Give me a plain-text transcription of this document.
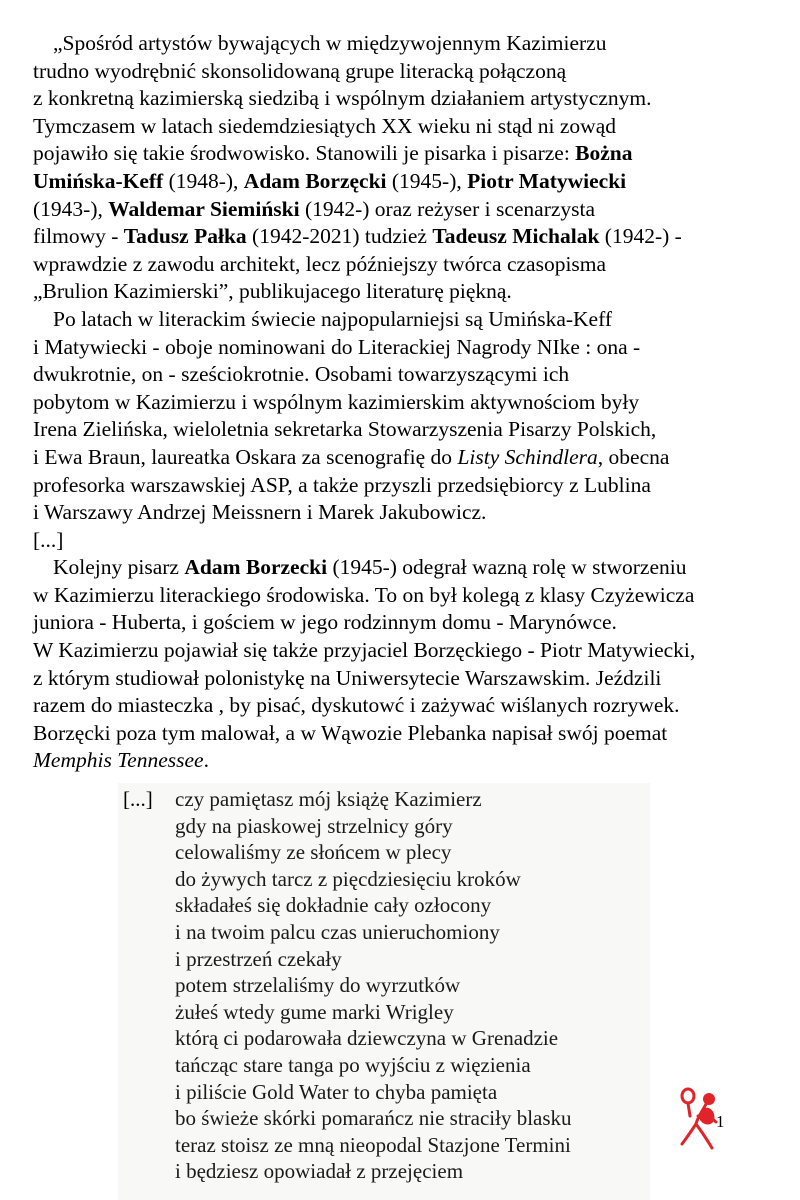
„Spośród artystów bywających w międzywojennym Kazimierzu
trudno wyodrębnić skonsolidowaną grupe literacką połączoną
z konkretną kazimierską siedzibą i wspólnym działaniem artystycznym.
Tymczasem w latach siedemdziesiątych XX wieku ni stąd ni zowąd
pojawiło się takie środwowisko. Stanowili je pisarka i pisarze: Bożna
Umińska-Keff (1948-), Adam Borzęcki (1945-), Piotr Matywiecki
(1943-), Waldemar Siemiński (1942-) oraz reżyser i scenarzysta
filmowy - Tadusz Pałka (1942-2021) tudzież Tadeusz Michalak (1942-) -
wprawdzie z zawodu architekt, lecz późniejszy twórca czasopisma
„Brulion Kazimierski”, publikujacego literaturę piękną.
Po latach w literackim świecie najpopularniejsi są Umińska-Keff
i Matywiecki - oboje nominowani do Literackiej Nagrody NIke : ona -
dwukrotnie, on - sześciokrotnie. Osobami towarzyszącymi ich
pobytom w Kazimierzu i wspólnym kazimierskim aktywnościom były
Irena Zielińska, wieloletnia sekretarka Stowarzyszenia Pisarzy Polskich,
i Ewa Braun, laureatka Oskara za scenografię do Listy Schindlera, obecna
profesorka warszawskiej ASP, a także przyszli przedsiębiorcy z Lublina
i Warszawy Andrzej Meissnern i Marek Jakubowicz.
[...]
Kolejny pisarz Adam Borzecki (1945-) odegrał wazną rolę w stworzeniu
w Kazimierzu literackiego środowiska. To on był kolegą z klasy Czyżewicza
juniora - Huberta, i gościem w jego rodzinnym domu - Marynówce.
W Kazimierzu pojawiał się także przyjaciel Borzęckiego - Piotr Matywiecki,
z którym studiował polonistykę na Uniwersytecie Warszawskim. Jeździli
razem do miasteczka , by pisać, dyskutowć i zażywać wiślanych rozrywek.
Borzęcki poza tym malował, a w Wąwozie Plebanka napisał swój poemat
Memphis Tennessee.
[...] czy pamiętasz mój książę Kazimierz
gdy na piaskowej strzelnicy góry
celowaliśmy ze słońcem w plecy
do żywych tarcz z pięcdziesięciu kroków
składałeś się dokładnie cały ozłocony
i na twoim palcu czas unieruchomiony
i przestrzeń czekały
potem strzelaliśmy do wyrzutków
żułeś wtedy gume marki Wrigley
którą ci podarowała dziewczyna w Grenadzie
tańcząc stare tanga po wyjściu z więzienia
i piliście Gold Water to chyba pamięta
bo świeże skórki pomarańcz nie straciły blasku
teraz stoisz ze mną nieopodal Stazjone Termini
i będziesz opowiadał z przejęciem
1
